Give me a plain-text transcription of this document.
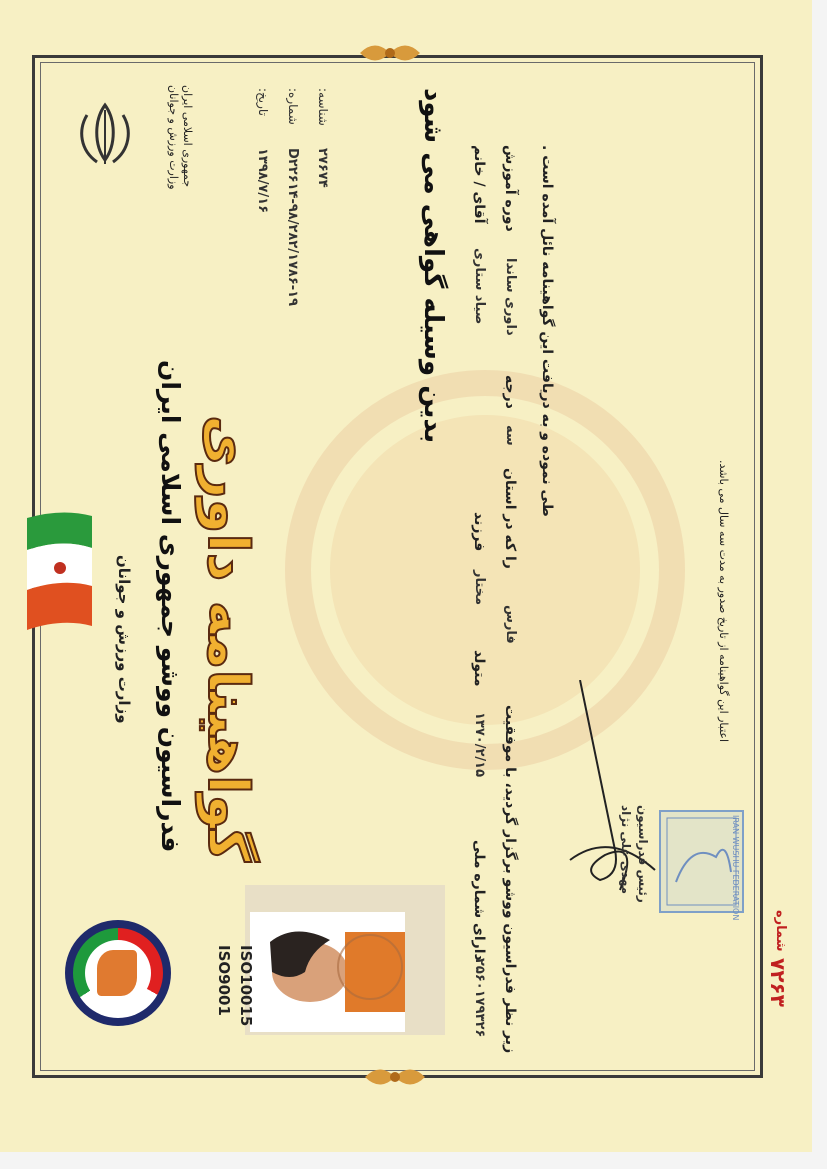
جمهوری اسلامی ایران
وزارت ورزش و جوانان
وزارت ورزش و جوانان فدراسیون ووشو جمهوری اسلامی ایران گواهینامه داوری
تاریخ:
۱۳۹۸/۷/۱۶
شماره:
D۲۲۶۱۴-۹۸/۲۸۲/۱۷۸۶-۱۹
شناسه:
۲۷۶۷۴	بدین وسیله گواهی می شود آقای / خانم
صیاد ستاری
فرزند
مختار
متولد
۱۳۷۰/۲/۱۵
دارای شماره ملی
۲۵۶۰۱۷۹۳۲۶
دوره آموزش
داوری ساندا
درجه
سه
را که در استان
فارس
زیر نظر فدراسیون ووشو برگزار گردید، با موفقیت
طی نموده و به دریافت این گواهینامه نائل آمده است .
اعتبار این گواهینامه از تاریخ صدور به مدت سه سال می باشد.
ISO9001 ISO10015
مهدی علی نژاد رئیس فدراسیون	IRAN WUSHU FEDERATION
شماره
۷۲۶۳
